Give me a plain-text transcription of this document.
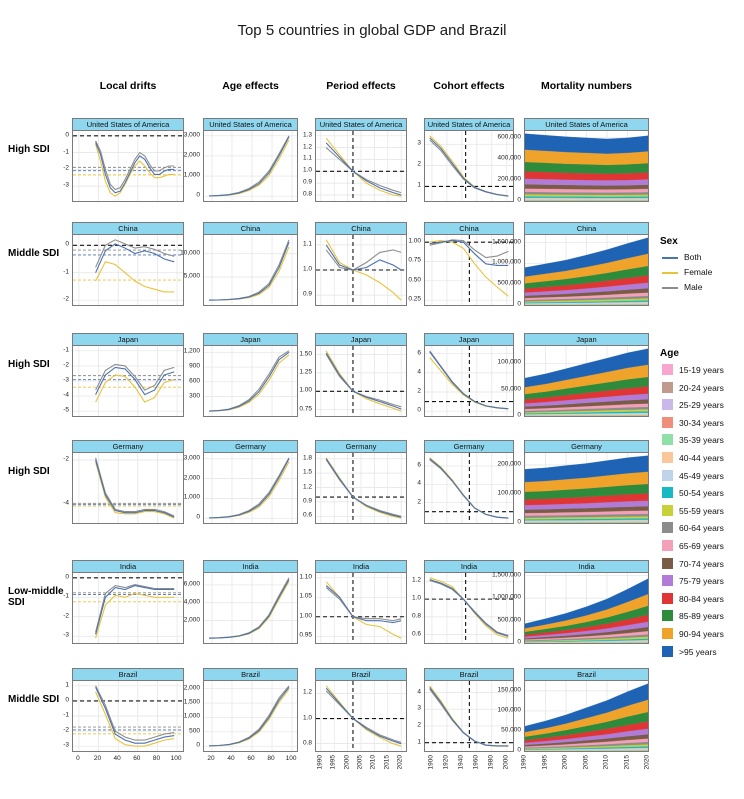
Top 5 countries in global GDP and Brazil
Local drifts	Age effects	Period effects	Cohort effects	Mortality numbers
High SDI
Middle SDI
High SDI
High SDI
Low-middle SDI
Middle SDI
United States of America
0
-1
-2
-3
United States of America
0
1,000
2,000
3,000
United States of America
0.8
0.9
1.0
1.1
1.2
1.3
United States of America
1
2
3
United States of America
0
200,000
400,000
600,000
China
0
-1
-2
China
5,000
10,000
China
0.9
1.0
1.1
China
0.25
0.50
0.75
1.00
China
0
500,000
1,000,000
1,500,000
Japan
-1
-2
-3
-4
-5
Japan
300
600
900
1,200
Japan
0.75
1.00
1.25
1.50
Japan
0
2
4
6
Japan
0
50,000
100,000
Germany
-2
-4
Germany
0
1,000
2,000
3,000
Germany
0.6
0.9
1.2
1.5
1.8
Germany
2
4
6
Germany
0
100,000
200,000
India
0
-1
-2
-3
India
2,000
4,000
6,000
India
0.95
1.00
1.05
1.10
India
0.6
0.8
1.0
1.2
India
0
500,000
1,000,000
1,500,000
Brazil
1
0
-1
-2
-3
0 20 40 60 80 100
Brazil
0
500
1,000
1,500
2,000
20 40 60 80 100
Brazil
0.8
1.0
1.2
1990 1995 2000 2005 2010 2015 2020
Brazil
1
2
3
4
1900 1920 1940 1960 1980 2000
Brazil
0
50,000
100,000
150,000
1990 1995 2000 2005 2010 2015 2020
Sex
Both
Female
Male
Age
15-19 years
20-24 years
25-29 years
30-34 years
35-39 years
40-44 years
45-49 years
50-54 years
55-59 years
60-64 years
65-69 years
70-74 years
75-79 years
80-84 years
85-89 years
90-94 years
>95 years
